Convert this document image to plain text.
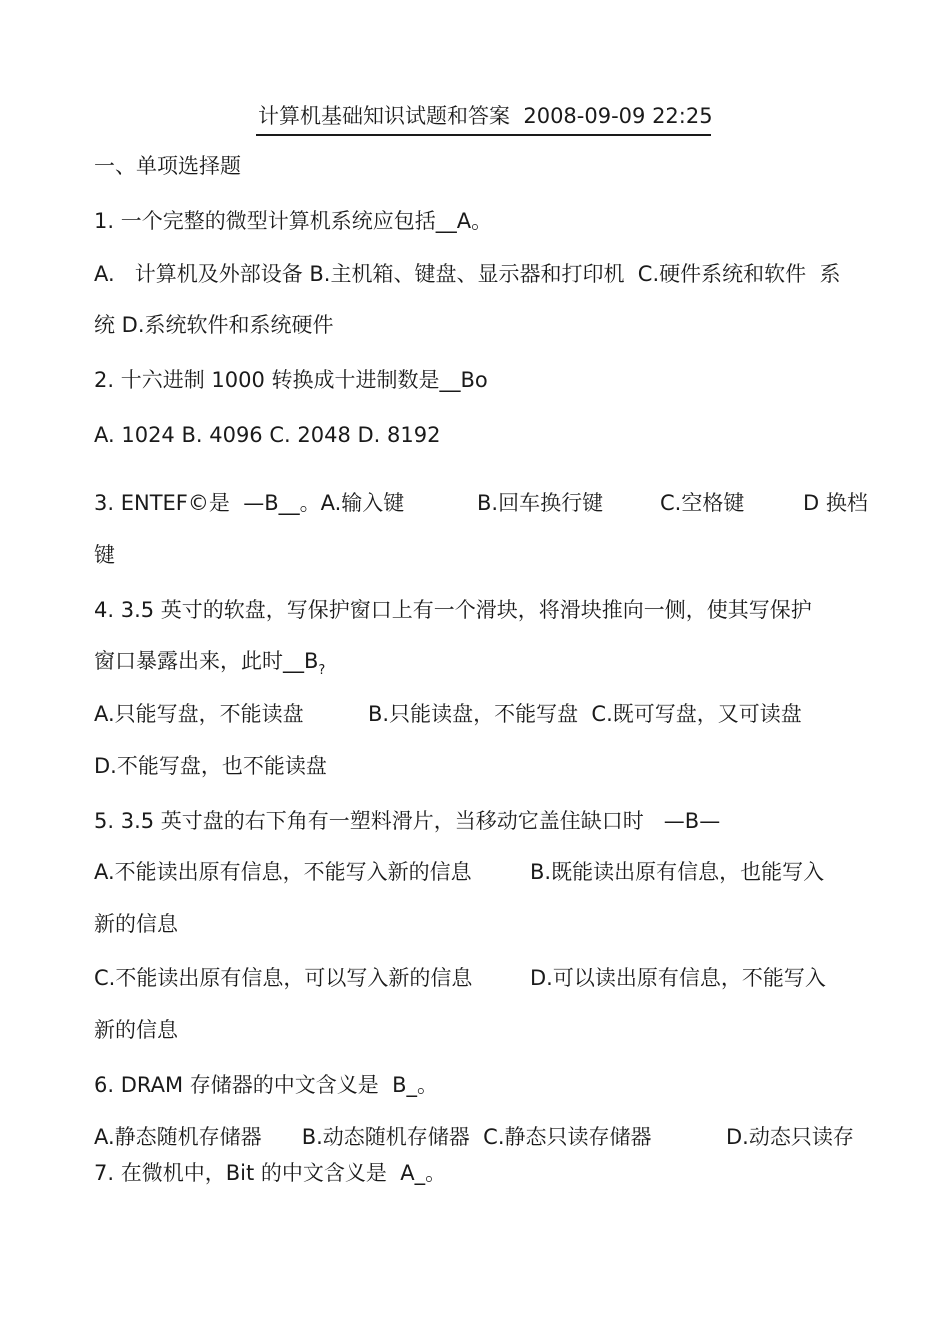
计算机基础知识试题和答案  2008-09-09 22:25
一、单项选择题
1. 一个完整的微型计算机系统应包括__A。
A.   计算机及外部设备 B.主机箱、键盘、显示器和打印机  C.硬件系统和软件  系
统 D.系统软件和系统硬件
2. 十六进制 1000 转换成十进制数是__Bo
A. 1024 B. 4096 C. 2048 D. 8192
3. ENTEF©是  —B__。A.输入键	B.回车换行键	C.空格键	D 换档
键
4. 3.5 英寸的软盘，写保护窗口上有一个滑块，将滑块推向一侧，使其写保护
窗口暴露出来，此时$\_\_B_?$
A.只能写盘，不能读盘	B.只能读盘，不能写盘  C.既可写盘，又可读盘
D.不能写盘，也不能读盘
5. 3.5 英寸盘的右下角有一塑料滑片，当移动它盖住缺口时   —B—
A.不能读出原有信息，不能写入新的信息	B.既能读出原有信息，也能写入
新的信息
C.不能读出原有信息，可以写入新的信息	D.可以读出原有信息，不能写入
新的信息
6. DRAM 存储器的中文含义是  B_。
A.静态随机存储器      B.动态随机存储器  C.静态只读存储器	D.动态只读存
7. 在微机中，Bit 的中文含义是  A_。
